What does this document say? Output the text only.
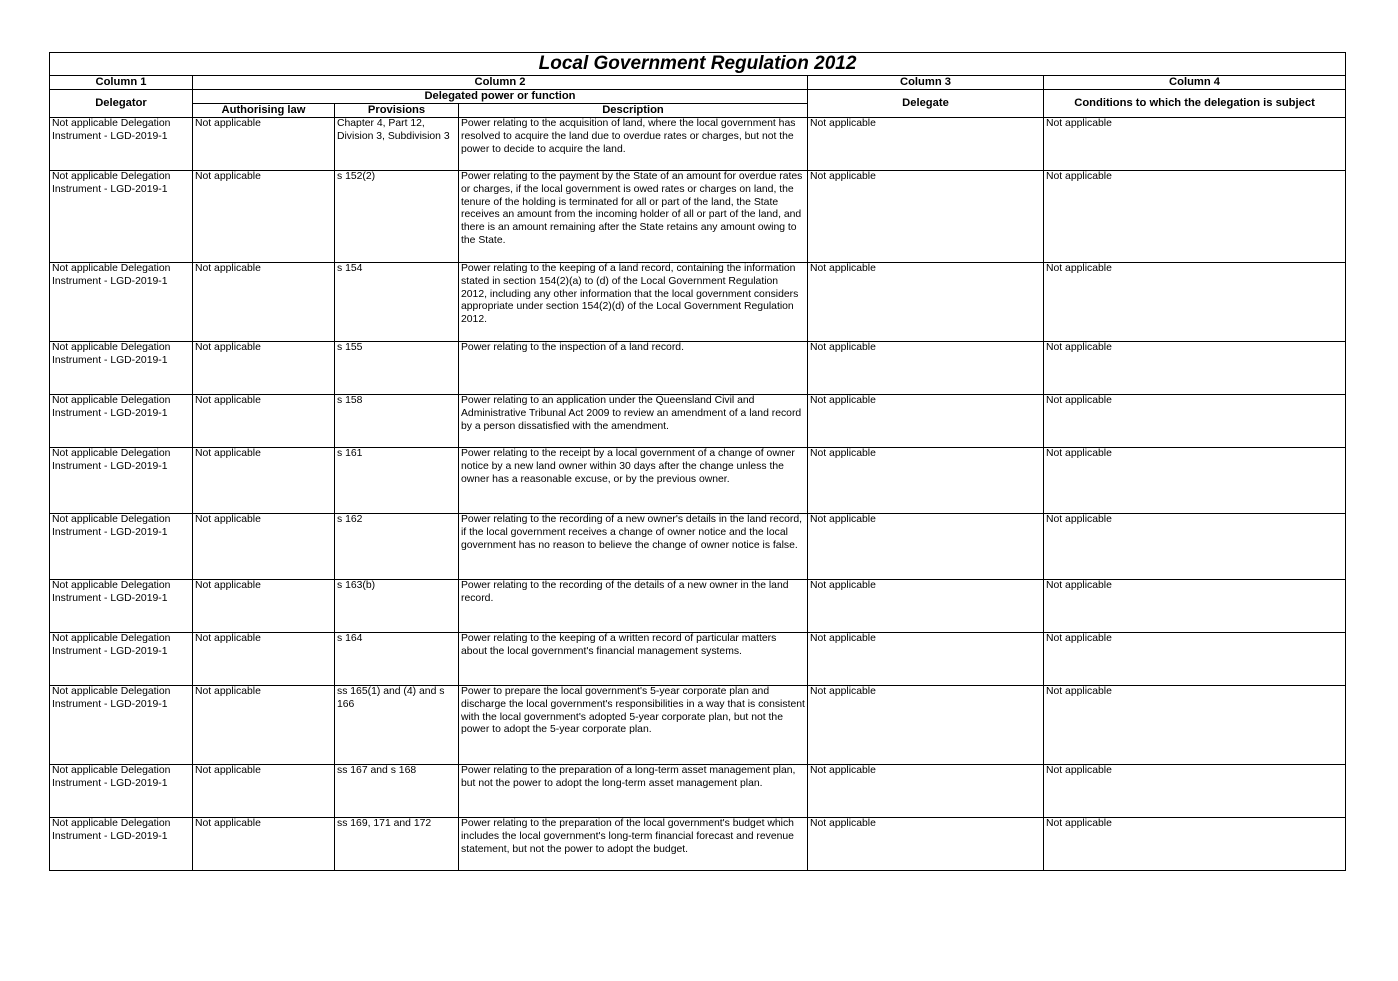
Local Government Regulation 2012					
Column 1	Column 2			Column 3	Column 4
Delegator	Delegated power or function			Delegate	Conditions to which the delegation is subject
	Authorising law	Provisions	Description		
Not applicable Delegation Instrument - LGD-2019-1	Not applicable	Chapter 4, Part 12, Division 3, Subdivision 3	Power relating to the acquisition of land, where the local government has resolved to acquire the land due to overdue rates or charges, but not the power to decide to acquire the land.	Not applicable	Not applicable
Not applicable Delegation Instrument - LGD-2019-1	Not applicable	s 152(2)	Power relating to the payment by the State of an amount for overdue rates or charges, if the local government is owed rates or charges on land, the tenure of the holding is terminated for all or part of the land, the State receives an amount from the incoming holder of all or part of the land, and there is an amount remaining after the State retains any amount owing to the State.	Not applicable	Not applicable
Not applicable Delegation Instrument - LGD-2019-1	Not applicable	s 154	Power relating to the keeping of a land record, containing the information stated in section 154(2)(a) to (d) of the Local Government Regulation 2012, including any other information that the local government considers appropriate under section 154(2)(d) of the Local Government Regulation 2012.	Not applicable	Not applicable
Not applicable Delegation Instrument - LGD-2019-1	Not applicable	s 155	Power relating to the inspection of a land record.	Not applicable	Not applicable
Not applicable Delegation Instrument - LGD-2019-1	Not applicable	s 158	Power relating to an application under the Queensland Civil and Administrative Tribunal Act 2009 to review an amendment of a land record by a person dissatisfied with the amendment.	Not applicable	Not applicable
Not applicable Delegation Instrument - LGD-2019-1	Not applicable	s 161	Power relating to the receipt by a local government of a change of owner notice by a new land owner within 30 days after the change unless the owner has a reasonable excuse, or by the previous owner.	Not applicable	Not applicable
Not applicable Delegation Instrument - LGD-2019-1	Not applicable	s 162	Power relating to the recording of a new owner's details in the land record, if the local government receives a change of owner notice and the local government has no reason to believe the change of owner notice is false.	Not applicable	Not applicable
Not applicable Delegation Instrument - LGD-2019-1	Not applicable	s 163(b)	Power relating to the recording of the details of a new owner in the land record.	Not applicable	Not applicable
Not applicable Delegation Instrument - LGD-2019-1	Not applicable	s 164	Power relating to the keeping of a written record of particular matters about the local government's financial management systems.	Not applicable	Not applicable
Not applicable Delegation Instrument - LGD-2019-1	Not applicable	ss 165(1) and (4) and s 166	Power to prepare the local government's 5-year corporate plan and discharge the local government's responsibilities in a way that is consistent with the local government's adopted 5-year corporate plan, but not the power to adopt the 5-year corporate plan.	Not applicable	Not applicable
Not applicable Delegation Instrument - LGD-2019-1	Not applicable	ss 167 and s 168	Power relating to the preparation of a long-term asset management plan, but not the power to adopt the long-term asset management plan.	Not applicable	Not applicable
Not applicable Delegation Instrument - LGD-2019-1	Not applicable	ss 169, 171 and 172	Power relating to the preparation of the local government's budget which includes the local government's long-term financial forecast and revenue statement, but not the power to adopt the budget.	Not applicable	Not applicable
